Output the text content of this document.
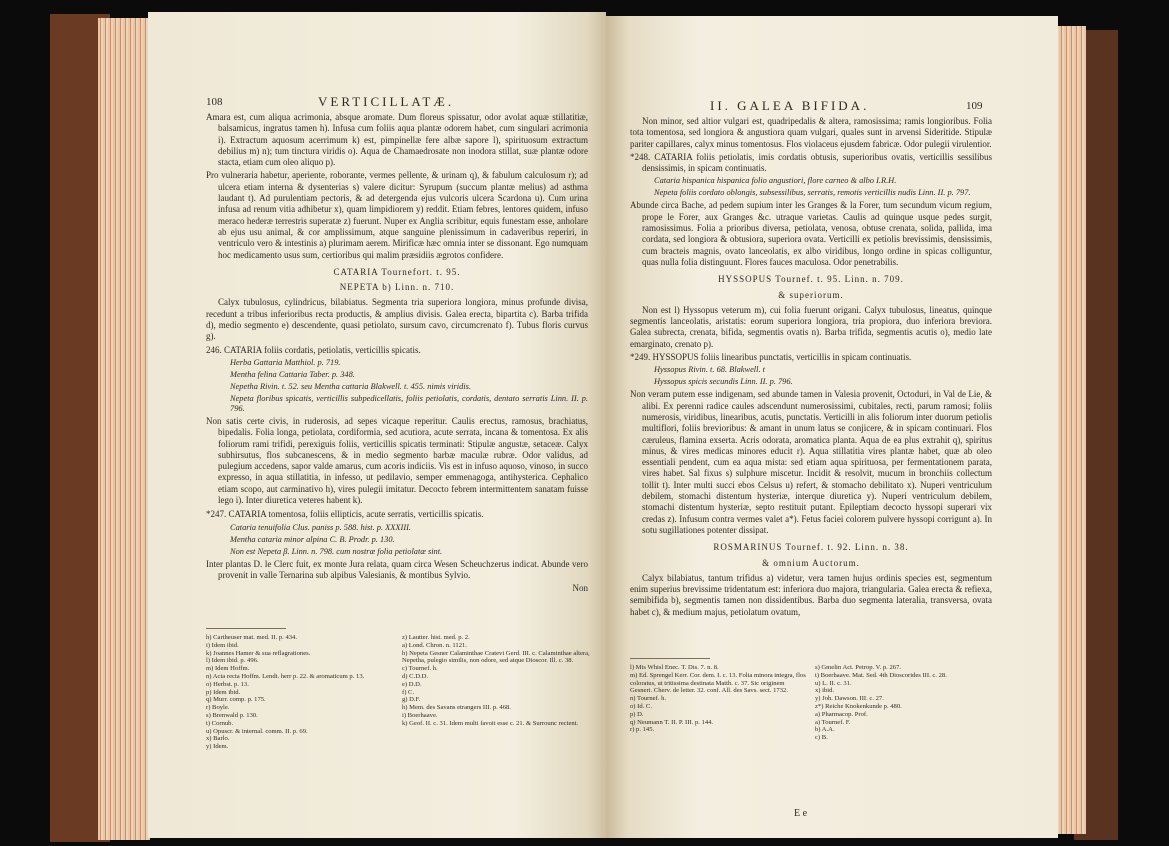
108	VERTICILLATÆ.

Amara est, cum aliqua acrimonia, absque aromate. Dum floreus spissatur, odor avolat aquæ stillatitiæ, balsamicus, ingratus tamen h). Infusa cum foliis aqua plantæ odorem habet, cum singulari acrimonia i). Extractum aquosum acerrimum k) est, pimpinellæ fere albæ sapore l), spirituosum extractum debilius m) n); tum tinctura viridis o). Aqua de Chamaedrosate non inodora stillat, suæ plantæ odore stacta, etiam cum oleo aliquo p).

Pro vulneraria habetur, aperiente, roborante, vermes pellente, & urinam q), & fabulum calculosum r); ad ulcera etiam interna & dysenterias s) valere dicitur: Syrupum (succum plantæ melius) ad asthma laudant t). Ad purulentiam pectoris, & ad detergenda ejus vulcoris ulcera Scardona u). Cum urina infusa ad renum vitia adhibetur x), quam limpidiorem y) reddit. Etiam febres, lentores quidem, infuso meraco hederæ terrestris superatæ z) fuerunt. Nuper ex Anglia scribitur, equis funestam esse, anholare ab ejus usu animal, & cor amplissimum, atque sanguine plenissimum in cadaveribus reperiri, in ventriculo vero & intestinis a) plurimam aerem. Mirificæ hæc omnia inter se dissonant. Ego numquam hoc medicamento usus sum, certioribus qui malim præsidiis ægrotos confidere.

CATARIA Tournefort. t. 95.

NEPETA b) Linn. n. 710.

Calyx tubulosus, cylindricus, bilabiatus. Segmenta tria superiora longiora, minus profunde divisa, recedunt a tribus inferioribus recta productis, & amplius divisis. Galea erecta, bipartita c). Barba trifida d), medio segmento e) descendente, quasi petiolato, sursum cavo, circumcrenato f). Tubus floris curvus g).

246. CATARIA foliis cordatis, petiolatis, verticillis spicatis.

Herba Gattaria Matthiol. p. 719.

Mentha felina Cattaria Taber. p. 348.

Nepetha Rivin. t. 52. seu Mentha cattaria Blakwell. t. 455. nimis viridis.

Nepeta floribus spicatis, verticillis subpedicellatis, foliis petiolatis, cordatis, dentato serratis Linn. II. p. 796.

Non satis certe civis, in ruderosis, ad sepes vicaque reperitur. Caulis erectus, ramosus, brachiatus, bipedalis. Folia longa, petiolata, cordiformia, sed acutiora, acute serrata, incana & tomentosa. Ex alis foliorum rami trifidi, perexiguis foliis, verticillis spicatis terminati: Stipulæ angustæ, setaceæ. Calyx subhirsutus, flos subcanescens, & in medio segmento barbæ maculæ rubræ. Odor validus, ad pulegium accedens, sapor valde amarus, cum acoris indiciis. Vis est in infuso aquoso, vinoso, in succo expresso, in aqua stillatitia, in infesso, ut pedilavio, semper emmenagoga, antihysterica. Cephalico etiam scopo, aut carminativo h), vires pulegii imitatur. Decocto febrem intermittentem sanatam fuisse lego i). Inter diuretica veteres habent k).

*247. CATARIA tomentosa, foliis ellipticis, acute serratis, verticillis spicatis.

Cataria tenuifolia Clus. paniss p. 588. hist. p. XXXIII.

Mentha cataria minor alpina C. B. Prodr. p. 130.

Non est Nepeta β. Linn. n. 798. cum nostræ folia petiolatæ sint.

Inter plantas D. le Clerc fuit, ex monte Jura relata, quam circa Wesen Scheuchzerus indicat. Abunde vero provenit in valle Ternarina sub alpibus Valesianis, & montibus Sylvio.

Non

h) Cartheuser mat. med. II. p. 434.
i) Idem ibid.
k) Joannes Hamer & sua reflagrationes.
l) Idem ibid. p. 496.
m) Idem Hoffm.
n) Acta recta Hoffm. Lendt. herr p. 22. & aromaticum p. 13.
o) Herbst. p. 13.
p) Idem ibid.
q) Murr. comp. p. 175.
r) Boyle.
s) Brenwald p. 130.
t) Cornub.
u) Opuscr. & internal. comm. II. p. 69.
x) Barlo.
y) Idem.
z) Lautter. hist. med. p. 2.
a) Lond. Chron. n. 1121.
b) Nepeta Gesner Calaminthae Cratevi Gerd. III. c. Calaminthae altera, Nepetha, pulegio similis, non odore, sed atque Dioscor. Ill. c. 38.
c) Tournef. h.
d) C.D.D.
e) D.D.
f) C.
g) D.F.
h) Mem. des Savans etrangers III. p. 468.
i) Boerhaave.
k) Geof. II. c. 31. Idem multi favoit esse c. 21. & Surrounc rectent.
II. GALEA BIFIDA.	109

Non minor, sed altior vulgari est, quadripedalis & altera, ramosissima; ramis longioribus. Folia tota tomentosa, sed longiora & angustiora quam vulgari, quales sunt in arvensi Sideritide. Stipulæ pariter capillares, calyx minus tomentosus. Flos violaceus ejusdem fabricæ. Odor pulegii virulentior.

*248. CATARIA foliis petiolatis, imis cordatis obtusis, superioribus ovatis, verticillis sessilibus densissimis, in spicam continuatis.

Cataria hispanica hispanica folio angustiori, flore carneo & albo I.R.H.

Nepeta foliis cordato oblongis, subsessilibus, serratis, remotis verticillis nudis Linn. II. p. 797.

Abunde circa Bache, ad pedem supium inter les Granges & la Forer, tum secundum vicum regium, prope le Forer, aux Granges &c. utraque varietas. Caulis ad quinque usque pedes surgit, ramosissimus. Folia a prioribus diversa, petiolata, venosa, obtuse crenata, solida, pallida, ima cordata, sed longiora & obtusiora, superiora ovata. Verticilli ex petiolis brevissimis, densissimis, cum bracteis magnis, ovato lanceolatis, ex albo viridibus, longo ordine in spicas colliguntur, quas nulla folia distinguunt. Flores fauces maculosa. Odor penetrabilis.

HYSSOPUS Tournef. t. 95. Linn. n. 709.

& superiorum.

Non est l) Hyssopus veterum m), cui folia fuerunt origani. Calyx tubulosus, lineatus, quinque segmentis lanceolatis, aristatis: eorum superiora longiora, tria propiora, duo inferiora breviora. Galea subrecta, crenata, bifida, segmentis ovatis n). Barba trifida, segmentis acutis o), medio late emarginato, crenato p).

*249. HYSSOPUS foliis linearibus punctatis, verticillis in spicam continuatis.

Hyssopus Rivin. t. 68. Blakwell. t

Hyssopus spicis secundis Linn. II. p. 796.

Non veram putem esse indigenam, sed abunde tamen in Valesia provenit, Octoduri, in Val de Lie, & alibi. Ex perenni radice caules adscendunt numerosissimi, cubitales, recti, parum ramosi; foliis numerosis, viridibus, linearibus, acutis, punctatis. Verticilli in alis foliorum inter duorum petiolis multiflori, foliis brevioribus: & amant in unum latus se conjicere, & in spicam continuari. Flos cæruleus, flamina exserta. Acris odorata, aromatica planta. Aqua de ea plus extrahit q), spiritus minus, & vires medicas minores educit r). Aqua stillatitia vires plantæ habet, quæ ab oleo essentiali pendent, cum ea aqua mista: sed etiam aqua spirituosa, per fermentationem parata, vires habet. Sal fixus s) sulphure miscetur. Incidit & resolvit, mucum in bronchiis collectum tollit t). Inter multi succi ebos Celsus u) refert, & stomacho debilitato x). Nuperi ventriculum debilem, stomachi distentum hysteriæ, interque diuretica y). Nuperi ventriculum debilem, stomachi distentum hysteriæ, septo restituit putant. Epileptiam decocto hyssopi superari vix credas z). Infusum contra vermes valet a*). Fetus faciei colorem pulvere hyssopi corrigunt a). In sotu sugillationes potenter dissipat.

ROSMARINUS Tournef. t. 92. Linn. n. 38.

& omnium Auctorum.

Calyx bilabiatus, tantum trifidus a) videtur, vera tamen hujus ordinis species est, segmentum enim superius brevissime tridentatum est: inferiora duo majora, triangularia. Galea erecta & refiexa, semibifida b), segmentis tamen non dissidentibus. Barba duo segmenta lateralia, transversa, ovata habet c), & medium majus, petiolatum ovatum,

l) Mis Whisl Enec. T. Dis. 7. n. 8.
m) Ed. Sprengel Kerr. Cor. dem. I. c. 13. Folia minora integra, flos coloratus, ut tritissima destinata Matth. c. 37. Sic originem Gesneri. Cherv. de letter. 32. conf. All. des Savs. sect. 1732.
n) Tournef. h.
o) Id. C.
p) D.
q) Neumann T. II. P. III. p. 144.
r) p. 145.
s) Gmelin Act. Petrop. V. p. 267.
t) Boerhaave. Mat. Sed. 4th Dioscorides III. c. 28.
u) L. II. c. 31.
x) ibid.
y) Joh. Dawson. III. c. 27.
z*) Reiche Knokenkunde p. 480.
a) Pharmacop. Prof.
a) Tournef. F.
b) A.A.
c) B.
E e
